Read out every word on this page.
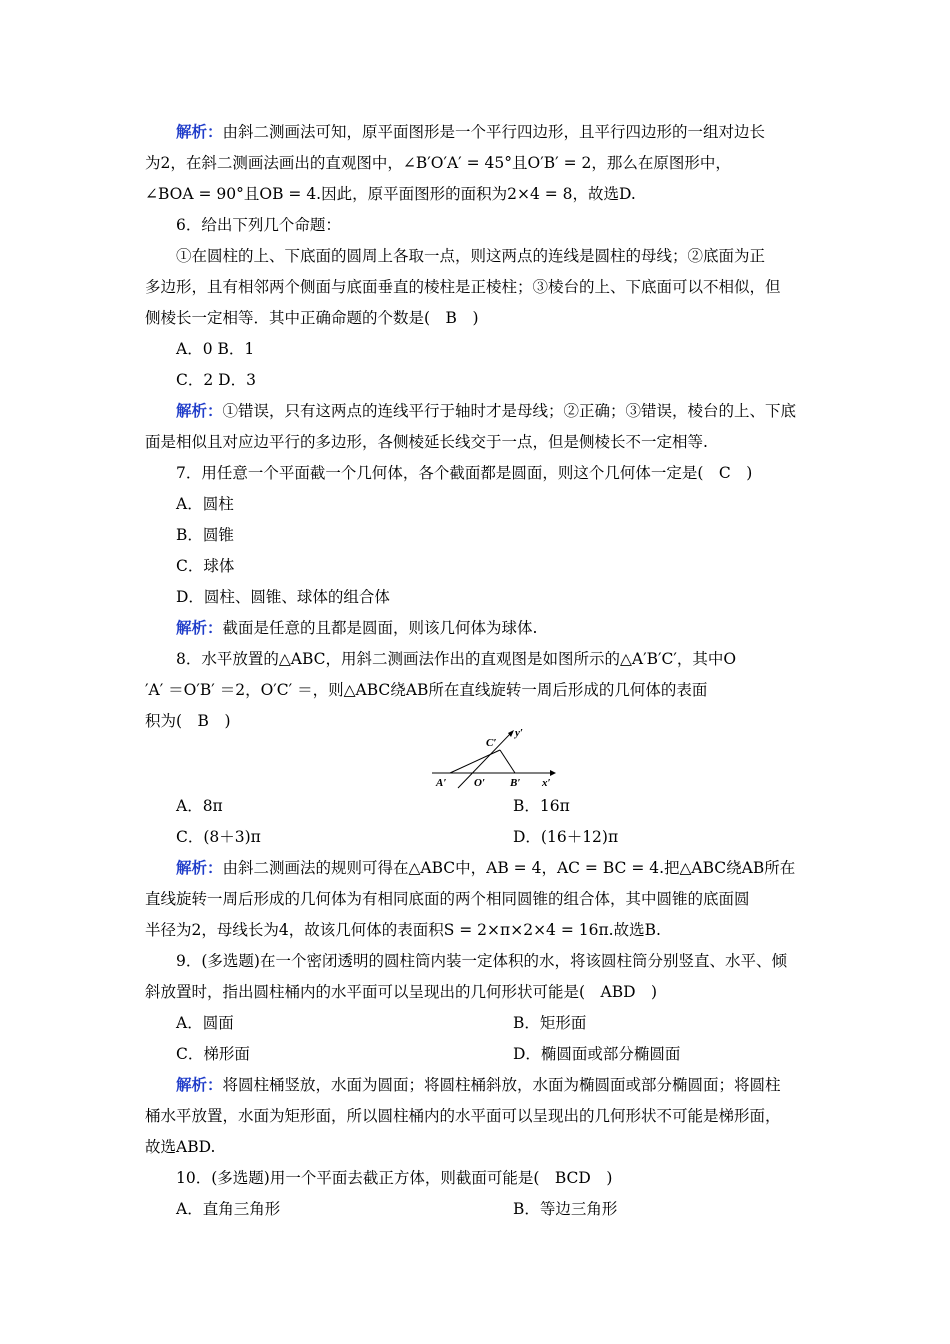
解析：由斜二测画法可知，原平面图形是一个平行四边形，且平行四边形的一组对边长
为2，在斜二测画法画出的直观图中，∠B′O′A′ = 45°且O′B′ = 2，那么在原图形中，
∠BOA = 90°且OB = 4.因此，原平面图形的面积为2×4 = 8，故选D.
6．给出下列几个命题：
①在圆柱的上、下底面的圆周上各取一点，则这两点的连线是圆柱的母线；②底面为正
多边形，且有相邻两个侧面与底面垂直的棱柱是正棱柱；③棱台的上、下底面可以不相似，但
侧棱长一定相等．其中正确命题的个数是(　B　)
A．0 B．1
C．2 D．3
解析：①错误，只有这两点的连线平行于轴时才是母线；②正确；③错误，棱台的上、下底
面是相似且对应边平行的多边形，各侧棱延长线交于一点，但是侧棱长不一定相等.
7．用任意一个平面截一个几何体，各个截面都是圆面，则这个几何体一定是(　C　)
A．圆柱
B．圆锥
C．球体
D．圆柱、圆锥、球体的组合体
解析：截面是任意的且都是圆面，则该几何体为球体.
8．水平放置的△ABC，用斜二测画法作出的直观图是如图所示的△A′B′C′，其中O
′A′ ＝O′B′ ＝2，O′C′ ＝，则△ABC绕AB所在直线旋转一周后形成的几何体的表面
积为(　B　)
C′
y′
A′	O′ B′ x′
A．8π	B．16π
C．(8＋3)π	D．(16＋12)π
解析：由斜二测画法的规则可得在△ABC中，AB = 4，AC = BC = 4.把△ABC绕AB所在
直线旋转一周后形成的几何体为有相同底面的两个相同圆锥的组合体，其中圆锥的底面圆
半径为2，母线长为4，故该几何体的表面积S = 2×π×2×4 = 16π.故选B.
9．(多选题)在一个密闭透明的圆柱筒内装一定体积的水，将该圆柱筒分别竖直、水平、倾
斜放置时，指出圆柱桶内的水平面可以呈现出的几何形状可能是(　ABD　)
A．圆面	B．矩形面
C．梯形面	D．椭圆面或部分椭圆面
解析：将圆柱桶竖放，水面为圆面；将圆柱桶斜放，水面为椭圆面或部分椭圆面；将圆柱
桶水平放置，水面为矩形面，所以圆柱桶内的水平面可以呈现出的几何形状不可能是梯形面，
故选ABD.
10．(多选题)用一个平面去截正方体，则截面可能是(　BCD　)
A．直角三角形	B．等边三角形
